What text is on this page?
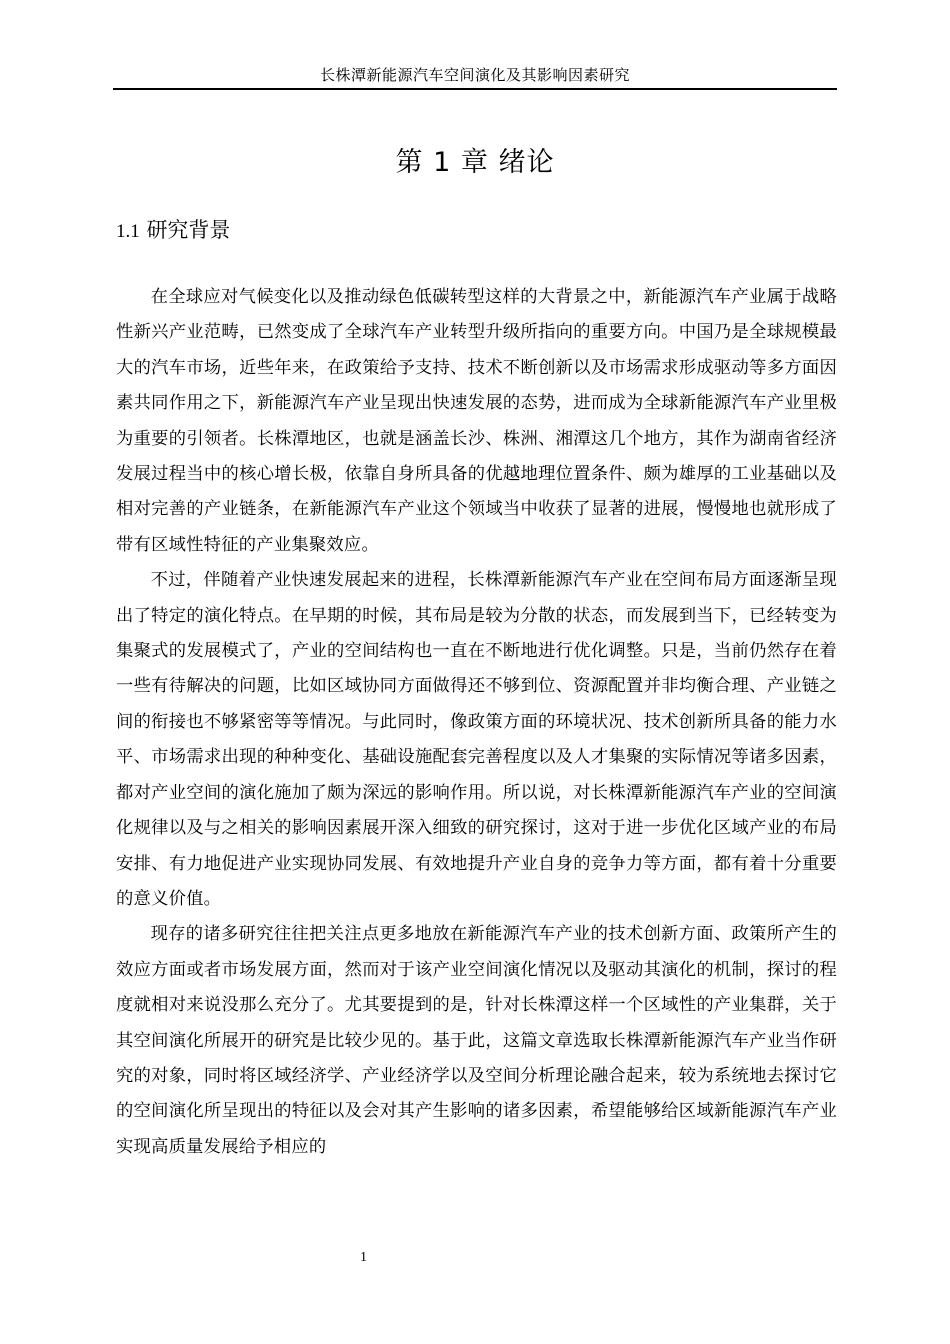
长株潭新能源汽车空间演化及其影响因素研究
第 1 章 绪论
1.1 研究背景

在全球应对气候变化以及推动绿色低碳转型这样的大背景之中，新能源汽车产业属于战略性新兴产业范畴，已然变成了全球汽车产业转型升级所指向的重要方向。中国乃是全球规模最大的汽车市场，近些年来，在政策给予支持、技术不断创新以及市场需求形成驱动等多方面因素共同作用之下，新能源汽车产业呈现出快速发展的态势，进而成为全球新能源汽车产业里极为重要的引领者。长株潭地区，也就是涵盖长沙、株洲、湘潭这几个地方，其作为湖南省经济发展过程当中的核心增长极，依靠自身所具备的优越地理位置条件、颇为雄厚的工业基础以及相对完善的产业链条，在新能源汽车产业这个领域当中收获了显著的进展，慢慢地也就形成了带有区域性特征的产业集聚效应。

不过，伴随着产业快速发展起来的进程，长株潭新能源汽车产业在空间布局方面逐渐呈现出了特定的演化特点。在早期的时候，其布局是较为分散的状态，而发展到当下，已经转变为集聚式的发展模式了，产业的空间结构也一直在不断地进行优化调整。只是，当前仍然存在着一些有待解决的问题，比如区域协同方面做得还不够到位、资源配置并非均衡合理、产业链之间的衔接也不够紧密等等情况。与此同时，像政策方面的环境状况、技术创新所具备的能力水平、市场需求出现的种种变化、基础设施配套完善程度以及人才集聚的实际情况等诸多因素，都对产业空间的演化施加了颇为深远的影响作用。所以说，对长株潭新能源汽车产业的空间演化规律以及与之相关的影响因素展开深入细致的研究探讨，这对于进一步优化区域产业的布局安排、有力地促进产业实现协同发展、有效地提升产业自身的竞争力等方面，都有着十分重要的意义价值。

现存的诸多研究往往把关注点更多地放在新能源汽车产业的技术创新方面、政策所产生的效应方面或者市场发展方面，然而对于该产业空间演化情况以及驱动其演化的机制，探讨的程度就相对来说没那么充分了。尤其要提到的是，针对长株潭这样一个区域性的产业集群，关于其空间演化所展开的研究是比较少见的。基于此，这篇文章选取长株潭新能源汽车产业当作研究的对象，同时将区域经济学、产业经济学以及空间分析理论融合起来，较为系统地去探讨它的空间演化所呈现出的特征以及会对其产生影响的诸多因素，希望能够给区域新能源汽车产业实现高质量发展给予相应的

1
